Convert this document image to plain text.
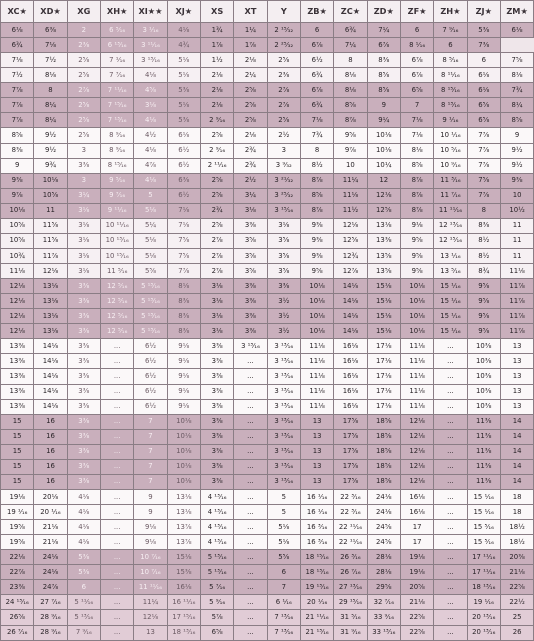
XC★	XD★	XG	XH★	XI★★	XJ★	XS	XT	Y	ZB★	ZC★	ZD★	ZF★	ZH★	ZJ★	ZM★
6⅛	6⅜	2	6 ⁵⁄₁₆	3 ¹⁄₁₆	4⅛	1¾	1¼	2 ¹⁵⁄₃₂	6	6¾	7¼	6	7 ⁹⁄₁₆	5⅜	6⅛
6¾	7⅛	2⅜	6 ¹³⁄₁₆	3 ¹¹⁄₁₆	4¾	1⅞	1⅞	2 ²⁵⁄₃₂	6⅞	7¼	6⅞	8 ¹⁄₁₆	6	7⅜	
7⅛	7½	2⅝	7 ¹⁄₁₆	3 ¹³⁄₁₆	5⅛	1½	2⅛	2⅝	6½	8	8⅜	6⅞	8 ⁵⁄₁₆	6	7⅝
7½	8⅛	2⅝	7 ⁷⁄₁₆	4⅛	5⅛	2⅛	2¼	2⅜	6¾	8⅛	8⅝	6⅞	8 ¹¹⁄₁₆	6⅛	8⅛
7⅞	8	2⅞	7 ¹¹⁄₁₆	4⅝	5⅜	2⅛	2⅝	2⅞	6⅞	8⅛	8⅝	6⅝	8 ¹⁵⁄₁₆	6⅛	7¾
7⅞	8¼	2⅝	7 ¹⁵⁄₁₆	3⅛	5⅛	2⅛	2⅝	2⅞	6¾	8⅝	9	7	8 ¹³⁄₁₆	6⅝	8¼
7⅞	8¼	2⅝	7 ¹³⁄₁₆	4⅛	5⅜	2 ⁹⁄₁₆	2⅝	2⅝	7⅛	8⅞	9¼	7⅛	9 ¹⁄₁₆	6⅝	8⅝
8⅝	9½	2⅝	8 ⁹⁄₁₆	4½	6⅛	2⅝	2⅛	2½	7¾	9⅝	10⅛	7⅛	10 ¹⁄₁₆	7⅞	9
8⅜	9½	3	8 ⁹⁄₁₆	4⅛	6½	2 ⁹⁄₁₆	2¾	3	8	9⅞	10⅛	8⅛	10 ⁵⁄₁₆	7⅞	9½
9	9¾	3⅜	8 ¹⁵⁄₁₆	4⅞	6½	2 ¹¹⁄₁₆	2¾	3 ⁹⁄₃₂	8½	10	10¼	8⅝	10 ⁹⁄₁₆	7⅞	9½
9⅜	10⅛	3	9 ⁵⁄₁₆	4⅛	6⅜	2⅝	2½	3 ²¹⁄₃₂	8⅞	11¼	12	8⅞	11 ³⁄₁₆	7⅝	9⅜
9⅞	10⅝	3¼	9 ⁷⁄₁₆	5	6½	2⅝	3¼	3 ²⁵⁄₃₂	8⅝	11⅛	12⅛	8⅞	11 ⁷⁄₁₆	7⅞	10
10⅛	11	3⅛	9 ¹¹⁄₁₆	5⅛	7⅛	2¾	3⅛	3 ¹⁵⁄₁₆	8⅞	11½	12⅝	8⅞	11 ¹¹⁄₁₆	8	10½
10⅝	11⅝	3⅛	10 ¹¹⁄₁₆	5¼	7⅛	2⅝	3⅜	3⅛	9⅜	12⅛	13⅛	9⅛	12 ¹³⁄₁₆	8⅜	11
10⅝	11⅝	3⅛	10 ¹³⁄₁₆	5⅛	7⅝	2⅞	3⅝	3⅝	9⅜	12⅝	13⅜	9⅝	12 ¹⁵⁄₁₆	8½	11
10¾	11⅞	3⅛	10 ¹⁵⁄₁₆	5⅛	7⅝	2⅞	3⅝	3⅝	9⅜	12¾	13⅝	9⅝	13 ¹⁄₁₆	8½	11
11⅛	12⅛	3⅛	11 ⁵⁄₁₆	5⅝	7⅞	2⅞	3⅝	3⅝	9⅝	12⅞	13⅝	9⅝	13 ⁵⁄₁₆	8¾	11⅛
12⅛	13⅛	3⅜	12 ⁵⁄₁₆	5 ¹³⁄₁₆	8⅛	3⅛	3⅜	3⅜	10⅛	14⅛	15⅛	10⅛	15 ¹⁄₁₆	9⅝	11⅞
12⅛	13⅛	3⅜	12 ⁵⁄₁₆	5 ¹³⁄₁₆	8⅜	3⅛	3⅜	3½	10⅛	14⅛	15⅛	10⅛	15 ¹⁄₁₆	9⅝	11⅞
12⅛	13⅛	3⅜	12 ⁵⁄₁₆	5 ¹³⁄₁₆	8⅜	3⅛	3⅜	3½	10⅛	14⅛	15⅛	10⅛	15 ¹⁄₁₆	9⅝	11⅞
12⅛	13⅛	3⅜	12 ⁵⁄₁₆	5 ¹³⁄₁₆	8⅜	3⅛	3⅜	3½	10⅛	14⅛	15⅛	10⅛	15 ¹⁄₁₆	9⅝	11⅞
13⅜	14⅛	3⅜	...	6½	9⅛	3⅜	3 ¹³⁄₁₆	3 ¹³⁄₁₆	11⅛	16⅛	17⅛	11⅛	...	10⅜	13
13⅜	14⅛	3⅜	...	6½	9⅛	3⅜	...	3 ¹³⁄₁₆	11⅛	16⅛	17⅛	11⅛	...	10⅜	13
13⅜	14⅛	3⅜	...	6½	9⅛	3⅜	...	3 ¹³⁄₁₆	11⅛	16⅛	17⅛	11⅛	...	10⅜	13
13⅜	14⅛	3⅜	...	6½	9⅛	3⅜	...	3 ¹³⁄₁₆	11⅛	16⅛	17⅛	11⅛	...	10⅜	13
13⅜	14⅛	3⅜	...	6½	9⅛	3⅜	...	3 ¹³⁄₁₆	11⅛	16⅛	17⅛	11⅛	...	10⅜	13
15	16	3⅜	...	7	10⅛	3⅜	...	3 ¹³⁄₁₆	13	17⅝	18⅝	12⅛	...	11⅜	14
15	16	3⅜	...	7	10⅛	3⅜	...	3 ¹³⁄₁₆	13	17⅝	18⅝	12⅛	...	11⅜	14
15	16	3⅜	...	7	10⅛	3⅜	...	3 ¹³⁄₁₆	13	17⅝	18⅝	12⅛	...	11⅜	14
15	16	3⅜	...	7	10⅛	3⅜	...	3 ¹³⁄₁₆	13	17⅝	18⅝	12⅛	...	11⅜	14
15	16	3⅜	...	7	10⅛	3⅜	...	3 ¹³⁄₁₆	13	17⅝	18⅝	12⅛	...	11⅜	14
19⅛	20⅛	4⅛	...	9	13⅛	4 ¹³⁄₁₆	...	5	16 ¹⁄₁₆	22 ³⁄₁₆	24⅛	16⅛	...	15 ¹⁄₁₆	18
19 ¹⁄₁₆	20 ¹⁄₁₆	4⅛	...	9	13⅛	4 ¹³⁄₁₆	...	5	16 ¹⁄₁₆	22 ³⁄₁₆	24⅛	16⅛	...	15 ¹⁄₁₆	18
19⅝	21⅛	4⅛	...	9⅛	13⅞	4 ¹³⁄₁₆	...	5⅛	16 ³⁄₁₆	22 ¹¹⁄₁₆	24⅝	17	...	15 ⁵⁄₁₆	18½
19⅝	21⅛	4⅛	...	9⅛	13⅞	4 ¹³⁄₁₆	...	5⅛	16 ³⁄₁₆	22 ¹¹⁄₁₆	24⅝	17	...	15 ⁵⁄₁₆	18½
22⅛	24⅛	5⅜	...	10 ⁷⁄₁₆	15⅛	5 ¹³⁄₁₆	...	5⅝	18 ¹⁵⁄₁₆	26 ³⁄₁₆	28⅛	19⅛	...	17 ¹¹⁄₁₆	20⅜
22⅞	24⅛	5⅜	...	10 ⁷⁄₁₆	15⅜	5 ¹³⁄₁₆	...	6	18 ¹³⁄₁₆	26 ⁷⁄₁₆	28⅛	19⅛	...	17 ¹¹⁄₁₆	21⅛
23⅜	24⅞	6	...	11 ¹¹⁄₁₆	16⅛	5 ⁷⁄₁₆	...	7	19 ¹³⁄₁₆	27 ¹³⁄₁₆	29⅝	20⅝	...	18 ¹³⁄₁₆	22⅝
24 ¹³⁄₁₆	27 ⁷⁄₁₆	5 ¹¹⁄₁₆	...	11¼	16 ¹¹⁄₁₆	5 ⁹⁄₁₆	...	6 ¹⁄₁₆	20 ¹⁄₁₆	29 ¹⁵⁄₁₆	32 ⁷⁄₁₆	21⅛	...	19 ¹⁄₁₆	22½
26⅝	28 ⁹⁄₁₆	5 ¹³⁄₁₆	...	12⅛	17 ¹⁵⁄₁₆	5⅞	...	7 ¹³⁄₁₆	21 ¹¹⁄₁₆	31 ⁵⁄₁₆	33 ⁹⁄₁₆	22⅝	...	20 ¹³⁄₁₆	25
26 ⁷⁄₁₆	28 ⁹⁄₁₆	7 ⁹⁄₁₆	...	13	18 ¹³⁄₁₆	6⅝	...	7 ¹³⁄₁₆	21 ¹³⁄₁₆	31 ⁹⁄₁₆	33 ¹³⁄₁₆	22⅝	...	20 ¹³⁄₁₆	26
